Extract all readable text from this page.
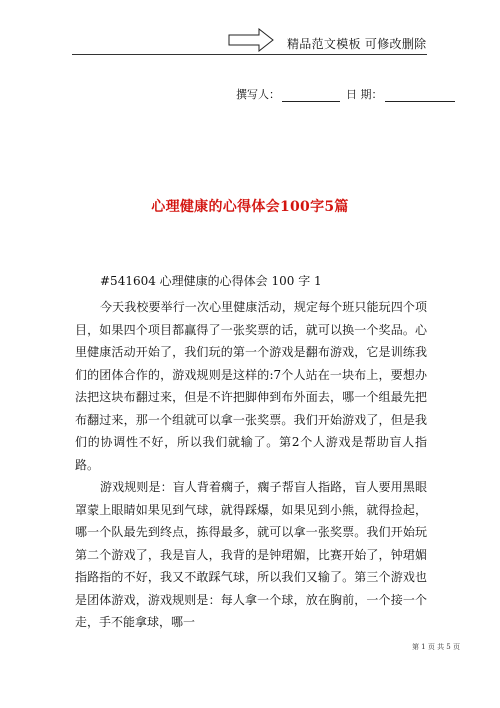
精品范文模板 可修改删除
撰写人：	日 期：
心理健康的心得体会100字5篇
#541604 心理健康的心得体会 100 字 1

今天我校要举行一次心里健康活动，规定每个班只能玩四个项目，如果四个项目都赢得了一张奖票的话，就可以换一个奖品。心里健康活动开始了，我们玩的第一个游戏是翻布游戏，它是训练我们的团体合作的，游戏规则是这样的:7个人站在一块布上，要想办法把这块布翻过来，但是不许把脚伸到布外面去，哪一个组最先把布翻过来，那一个组就可以拿一张奖票。我们开始游戏了，但是我们的协调性不好，所以我们就输了。第2个人游戏是帮助盲人指路。

游戏规则是：盲人背着瘸子，瘸子帮盲人指路，盲人要用黑眼罩蒙上眼睛如果见到气球，就得踩爆，如果见到小熊，就得捡起，哪一个队最先到终点，拣得最多，就可以拿一张奖票。我们开始玩第二个游戏了，我是盲人，我背的是钟珺媚，比赛开始了，钟珺媚指路指的不好，我又不敢踩气球，所以我们又输了。第三个游戏也是团体游戏，游戏规则是：每人拿一个球，放在胸前，一个接一个走，手不能拿球，哪一

第 1 页 共 5 页
